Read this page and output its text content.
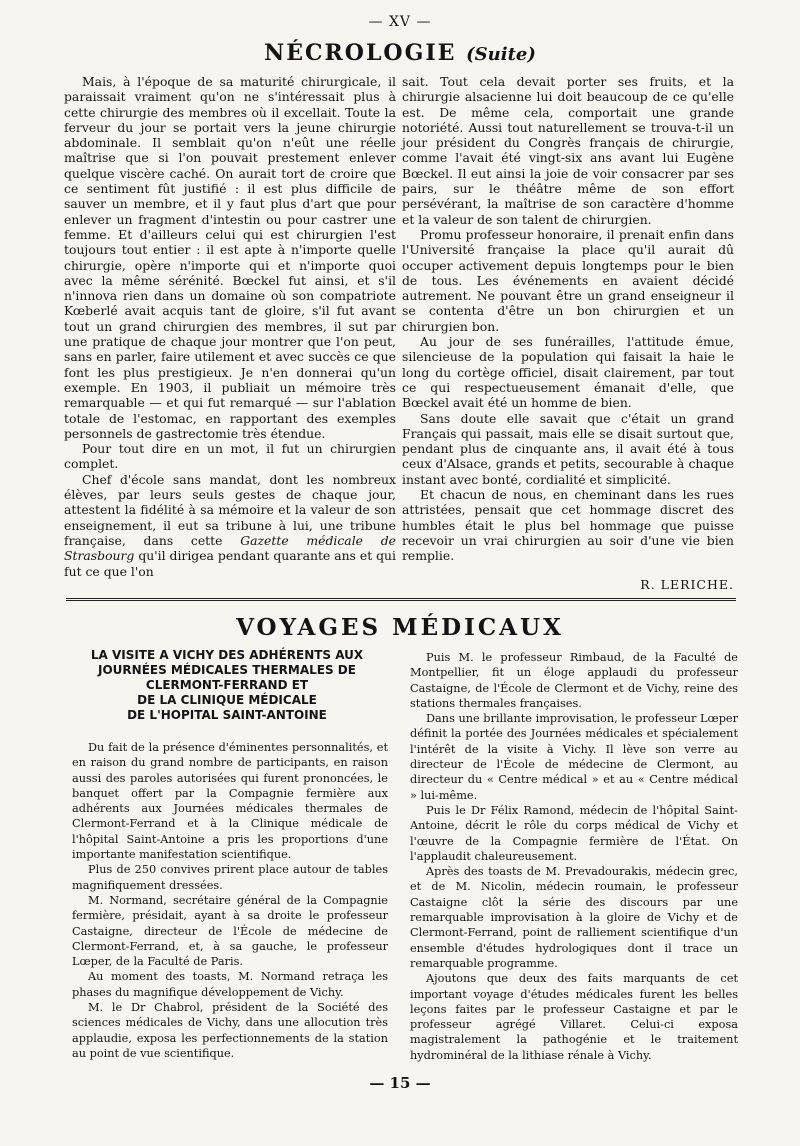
— XV —
NÉCROLOGIE (Suite)

Mais, à l'époque de sa maturité chirurgicale, il paraissait vraiment qu'on ne s'intéressait plus à cette chirurgie des membres où il excellait. Toute la ferveur du jour se portait vers la jeune chirurgie abdominale. Il semblait qu'on n'eût une réelle maîtrise que si l'on pouvait prestement enlever quelque viscère caché. On aurait tort de croire que ce sentiment fût justifié : il est plus difficile de sauver un membre, et il y faut plus d'art que pour enlever un fragment d'intestin ou pour castrer une femme. Et d'ailleurs celui qui est chirurgien l'est toujours tout entier : il est apte à n'importe quelle chirurgie, opère n'importe qui et n'importe quoi avec la même sérénité. Bœckel fut ainsi, et s'il n'innova rien dans un domaine où son compatriote Kœberlé avait acquis tant de gloire, s'il fut avant tout un grand chirurgien des membres, il sut par une pratique de chaque jour montrer que l'on peut, sans en parler, faire utilement et avec succès ce que font les plus prestigieux. Je n'en donnerai qu'un exemple. En 1903, il publiait un mémoire très remarquable — et qui fut remarqué — sur l'ablation totale de l'estomac, en rapportant des exemples personnels de gastrectomie très étendue.

Pour tout dire en un mot, il fut un chirurgien complet.

Chef d'école sans mandat, dont les nombreux élèves, par leurs seuls gestes de chaque jour, attestent la fidélité à sa mémoire et la valeur de son enseignement, il eut sa tribune à lui, une tribune française, dans cette Gazette médicale de Strasbourg qu'il dirigea pendant quarante ans et qui fut ce que l'on

sait. Tout cela devait porter ses fruits, et la chirurgie alsacienne lui doit beaucoup de ce qu'elle est. De même cela, comportait une grande notoriété. Aussi tout naturellement se trouva-t-il un jour président du Congrès français de chirurgie, comme l'avait été vingt-six ans avant lui Eugène Bœckel. Il eut ainsi la joie de voir consacrer par ses pairs, sur le théâtre même de son effort persévérant, la maîtrise de son caractère d'homme et la valeur de son talent de chirurgien.

Promu professeur honoraire, il prenait enfin dans l'Université française la place qu'il aurait dû occuper activement depuis longtemps pour le bien de tous. Les événements en avaient décidé autrement. Ne pouvant être un grand enseigneur il se contenta d'être un bon chirurgien et un chirurgien bon.

Au jour de ses funérailles, l'attitude émue, silencieuse de la population qui faisait la haie le long du cortège officiel, disait clairement, par tout ce qui respectueusement émanait d'elle, que Bœckel avait été un homme de bien.

Sans doute elle savait que c'était un grand Français qui passait, mais elle se disait surtout que, pendant plus de cinquante ans, il avait été à tous ceux d'Alsace, grands et petits, secourable à chaque instant avec bonté, cordialité et simplicité.

Et chacun de nous, en cheminant dans les rues attristées, pensait que cet hommage discret des humbles était le plus bel hommage que puisse recevoir un vrai chirurgien au soir d'une vie bien remplie.

R. LERICHE.
VOYAGES MÉDICAUX
LA VISITE A VICHY DES ADHÉRENTS AUX
JOURNÉES MÉDICALES THERMALES DE
CLERMONT-FERRAND ET
DE LA CLINIQUE MÉDICALE
DE L'HOPITAL SAINT-ANTOINE

Du fait de la présence d'éminentes personnalités, et en raison du grand nombre de participants, en raison aussi des paroles autorisées qui furent prononcées, le banquet offert par la Compagnie fermière aux adhérents aux Journées médicales thermales de Clermont-Ferrand et à la Clinique médicale de l'hôpital Saint-Antoine a pris les proportions d'une importante manifestation scientifique.

Plus de 250 convives prirent place autour de tables magnifiquement dressées.

M. Normand, secrétaire général de la Compagnie fermière, présidait, ayant à sa droite le professeur Castaigne, directeur de l'École de médecine de Clermont-Ferrand, et, à sa gauche, le professeur Lœper, de la Faculté de Paris.

Au moment des toasts, M. Normand retraça les phases du magnifique développement de Vichy.

M. le Dr Chabrol, président de la Société des sciences médicales de Vichy, dans une allocution très applaudie, exposa les perfectionnements de la station au point de vue scientifique.

Puis M. le professeur Rimbaud, de la Faculté de Montpellier, fit un éloge applaudi du professeur Castaigne, de l'École de Clermont et de Vichy, reine des stations thermales françaises.

Dans une brillante improvisation, le professeur Lœper définit la portée des Journées médicales et spécialement l'intérêt de la visite à Vichy. Il lève son verre au directeur de l'École de médecine de Clermont, au directeur du « Centre médical » et au « Centre médical » lui-même.

Puis le Dr Félix Ramond, médecin de l'hôpital Saint-Antoine, décrit le rôle du corps médical de Vichy et l'œuvre de la Compagnie fermière de l'État. On l'applaudit chaleureusement.

Après des toasts de M. Prevadourakis, médecin grec, et de M. Nicolin, médecin roumain, le professeur Castaigne clôt la série des discours par une remarquable improvisation à la gloire de Vichy et de Clermont-Ferrand, point de ralliement scientifique d'un ensemble d'études hydrologiques dont il trace un remarquable programme.

Ajoutons que deux des faits marquants de cet important voyage d'études médicales furent les belles leçons faites par le professeur Castaigne et par le professeur agrégé Villaret. Celui-ci exposa magistralement la pathogénie et le traitement hydrominéral de la lithiase rénale à Vichy.

— 15 —
